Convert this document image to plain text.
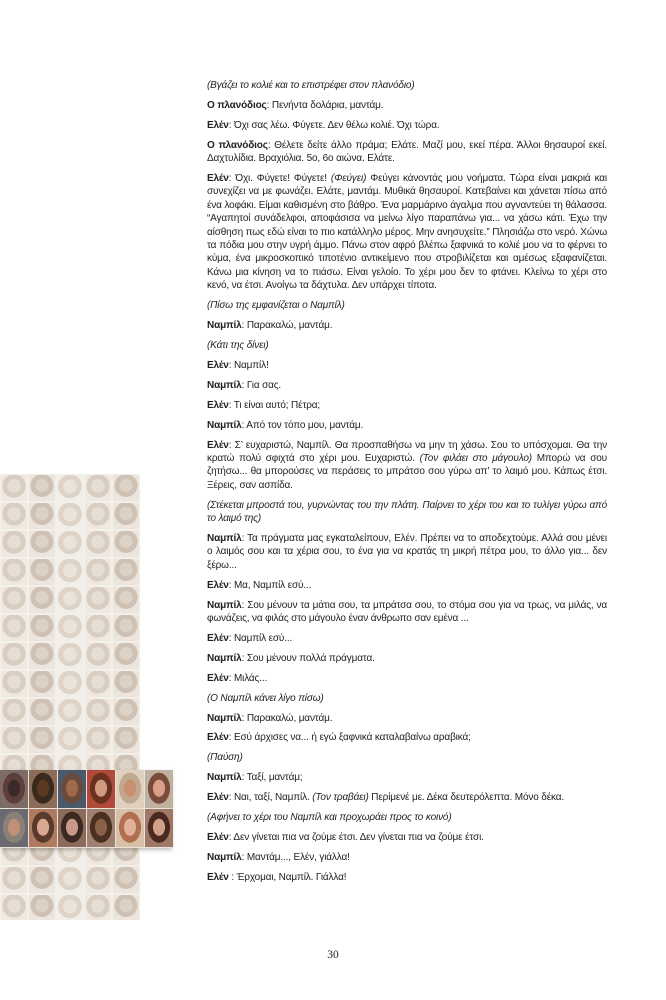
(Βγάζει το κολιέ και το επιστρέφει στον πλανόδιο)

Ο πλανόδιος: Πενήντα δολάρια, μαντάμ.

Ελέν: Όχι σας λέω. Φύγετε. Δεν θέλω κολιέ. Όχι τώρα.

Ο πλανόδιος: Θέλετε δείτε άλλο πράμα; Ελάτε. Μαζί μου, εκεί πέρα. Άλλοι θησαυροί εκεί. Δαχτυλίδια. Βραχιόλια. 5ο, 6ο αιώνα. Ελάτε.

Ελέν: Όχι. Φύγετε! Φύγετε! (Φεύγει) Φεύγει κάνοντάς μου νοήματα. Τώρα είναι μακριά και συνεχίζει να με φωνάζει. Ελάτε, μαντάμ. Μυθικά θησαυροί. Κατεβαίνει και χάνεται πίσω από ένα λοφάκι. Είμαι καθισμένη στο βάθρο. Ένα μαρμάρινο άγαλμα που αγναντεύει τη θάλασσα. “Αγαπητοί συνάδελφοι, αποφάσισα να μείνω λίγο παραπάνω για... να χάσω κάτι. Έχω την αίσθηση πως εδώ είναι το πιο κατάλληλο μέρος. Μην ανησυχείτε.” Πλησιάζω στο νερό. Χώνω τα πόδια μου στην υγρή άμμο. Πάνω στον αφρό βλέπω ξαφνικά το κολιέ μου να το φέρνει το κύμα, ένα μικροσκοπικό τιποτένιο αντικείμενο που στροβιλίζεται και αμέσως εξαφανίζεται. Κάνω μια κίνηση να το πιάσω. Είναι γελοίο. Το χέρι μου δεν το φτάνει. Κλείνω το χέρι στο κενό, να έτσι. Ανοίγω τα δάχτυλα. Δεν υπάρχει τίποτα.

(Πίσω της εμφανίζεται ο Ναμπίλ)

Ναμπίλ: Παρακαλώ, μαντάμ.

(Κάτι της δίνει)

Ελέν: Ναμπίλ!

Ναμπίλ: Για σας.

Ελέν: Τι είναι αυτό; Πέτρα;

Ναμπίλ: Από τον τόπο μου, μαντάμ.

Ελέν: Σ’ ευχαριστώ, Ναμπίλ. Θα προσπαθήσω να μην τη χάσω. Σου το υπόσχομαι. Θα την κρατώ πολύ σφιχτά στο χέρι μου. Ευχαριστώ. (Τον φιλάει στο μάγουλο) Μπορώ να σου ζητήσω... θα μπορούσες να περάσεις το μπράτσο σου γύρω απ’ το λαιμό μου. Κάπως έτσι. Ξέρεις, σαν ασπίδα.

(Στέκεται μπροστά του, γυρνώντας του την πλάτη. Παίρνει το χέρι του και το τυλίγει γύρω από το λαιμό της)

Ναμπίλ: Τα πράγματα μας εγκαταλείπουν, Ελέν. Πρέπει να το αποδεχτούμε. Αλλά σου μένει ο λαιμός σου και τα χέρια σου, το ένα για να κρατάς τη μικρή πέτρα μου, το άλλο για... δεν ξέρω...

Ελέν: Μα, Ναμπίλ εσύ...

Ναμπίλ: Σου μένουν τα μάτια σου, τα μπράτσα σου, το στόμα σου για να τρως, να μιλάς, να φωνάζεις, να φιλάς στο μάγουλο έναν άνθρωπο σαν εμένα ...

Ελέν: Ναμπίλ εσύ...

Ναμπίλ: Σου μένουν πολλά πράγματα.

Ελέν: Μιλάς...

(Ο Ναμπίλ κάνει λίγο πίσω)

Ναμπίλ: Παρακαλώ, μαντάμ.

Ελέν: Εσύ άρχισες να... ή εγώ ξαφνικά καταλαβαίνω αραβικά;

(Παύση)

Ναμπίλ: Ταξί, μαντάμ;

Ελέν: Ναι, ταξί, Ναμπίλ. (Τον τραβάει) Περίμενέ με. Δέκα δευτερόλεπτα. Μόνο δέκα.

(Αφήνει το χέρι του Ναμπίλ και προχωράει προς το κοινό)

Ελέν: Δεν γίνεται πια να ζούμε έτσι. Δεν γίνεται πια να ζούμε έτσι.

Ναμπίλ: Μαντάμ..., Ελέν, γιάλλα!

Ελέν : Έρχομαι, Ναμπίλ. Γιάλλα!

30
